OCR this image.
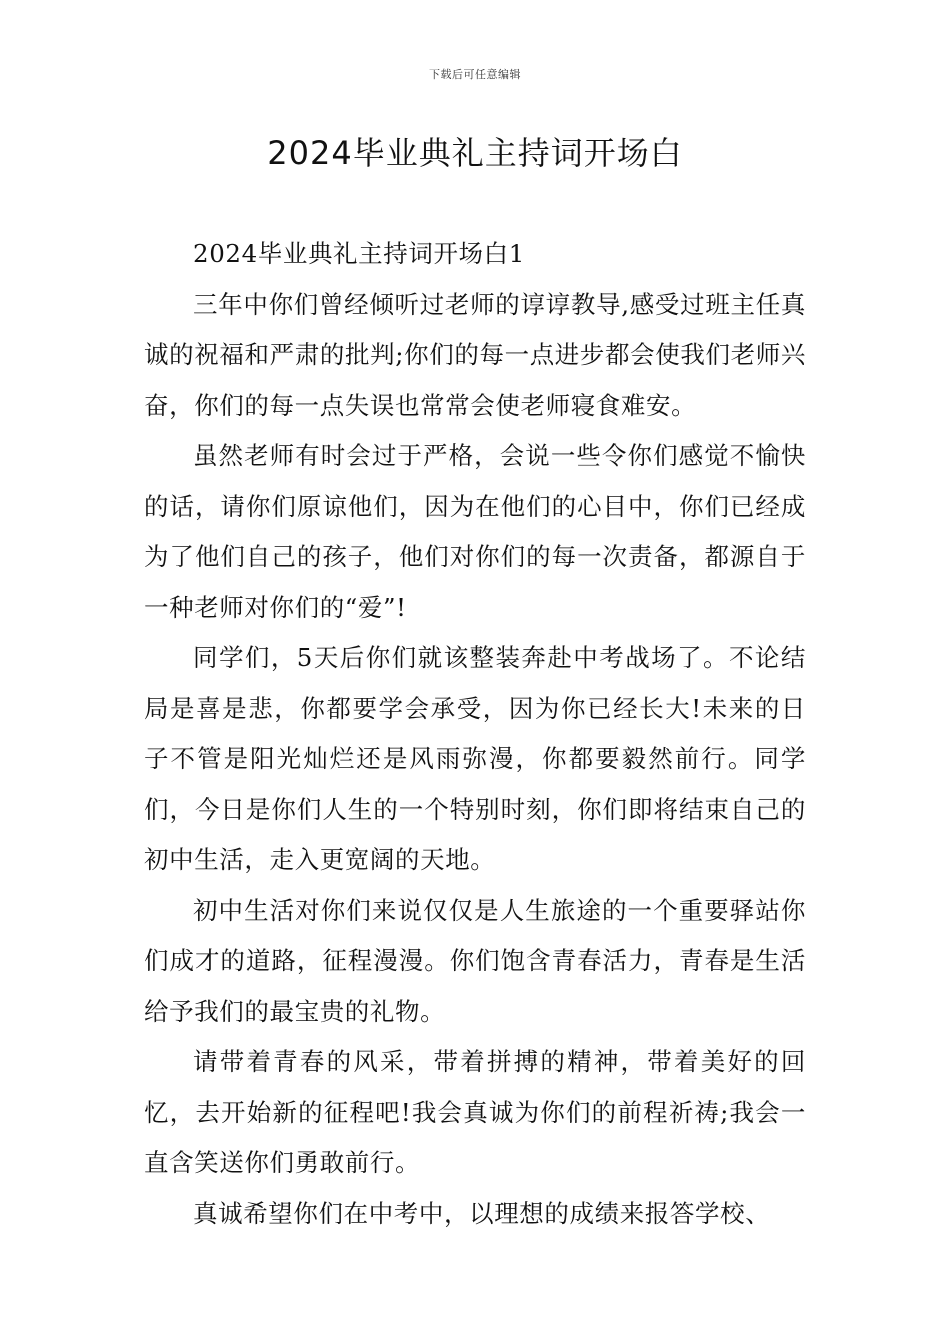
下载后可任意编辑
2024毕业典礼主持词开场白

2024毕业典礼主持词开场白1

三年中你们曾经倾听过老师的谆谆教导,感受过班主任真诚的祝福和严肃的批判;你们的每一点进步都会使我们老师兴奋，你们的每一点失误也常常会使老师寝食难安。

虽然老师有时会过于严格，会说一些令你们感觉不愉快的话，请你们原谅他们，因为在他们的心目中，你们已经成为了他们自己的孩子，他们对你们的每一次责备，都源自于一种老师对你们的“爱”!

同学们，5天后你们就该整装奔赴中考战场了。不论结局是喜是悲，你都要学会承受，因为你已经长大!未来的日子不管是阳光灿烂还是风雨弥漫，你都要毅然前行。同学们，今日是你们人生的一个特别时刻，你们即将结束自己的初中生活，走入更宽阔的天地。

初中生活对你们来说仅仅是人生旅途的一个重要驿站你们成才的道路，征程漫漫。你们饱含青春活力，青春是生活给予我们的最宝贵的礼物。

请带着青春的风采，带着拼搏的精神，带着美好的回忆，去开始新的征程吧!我会真诚为你们的前程祈祷;我会一直含笑送你们勇敢前行。

真诚希望你们在中考中，以理想的成绩来报答学校、
